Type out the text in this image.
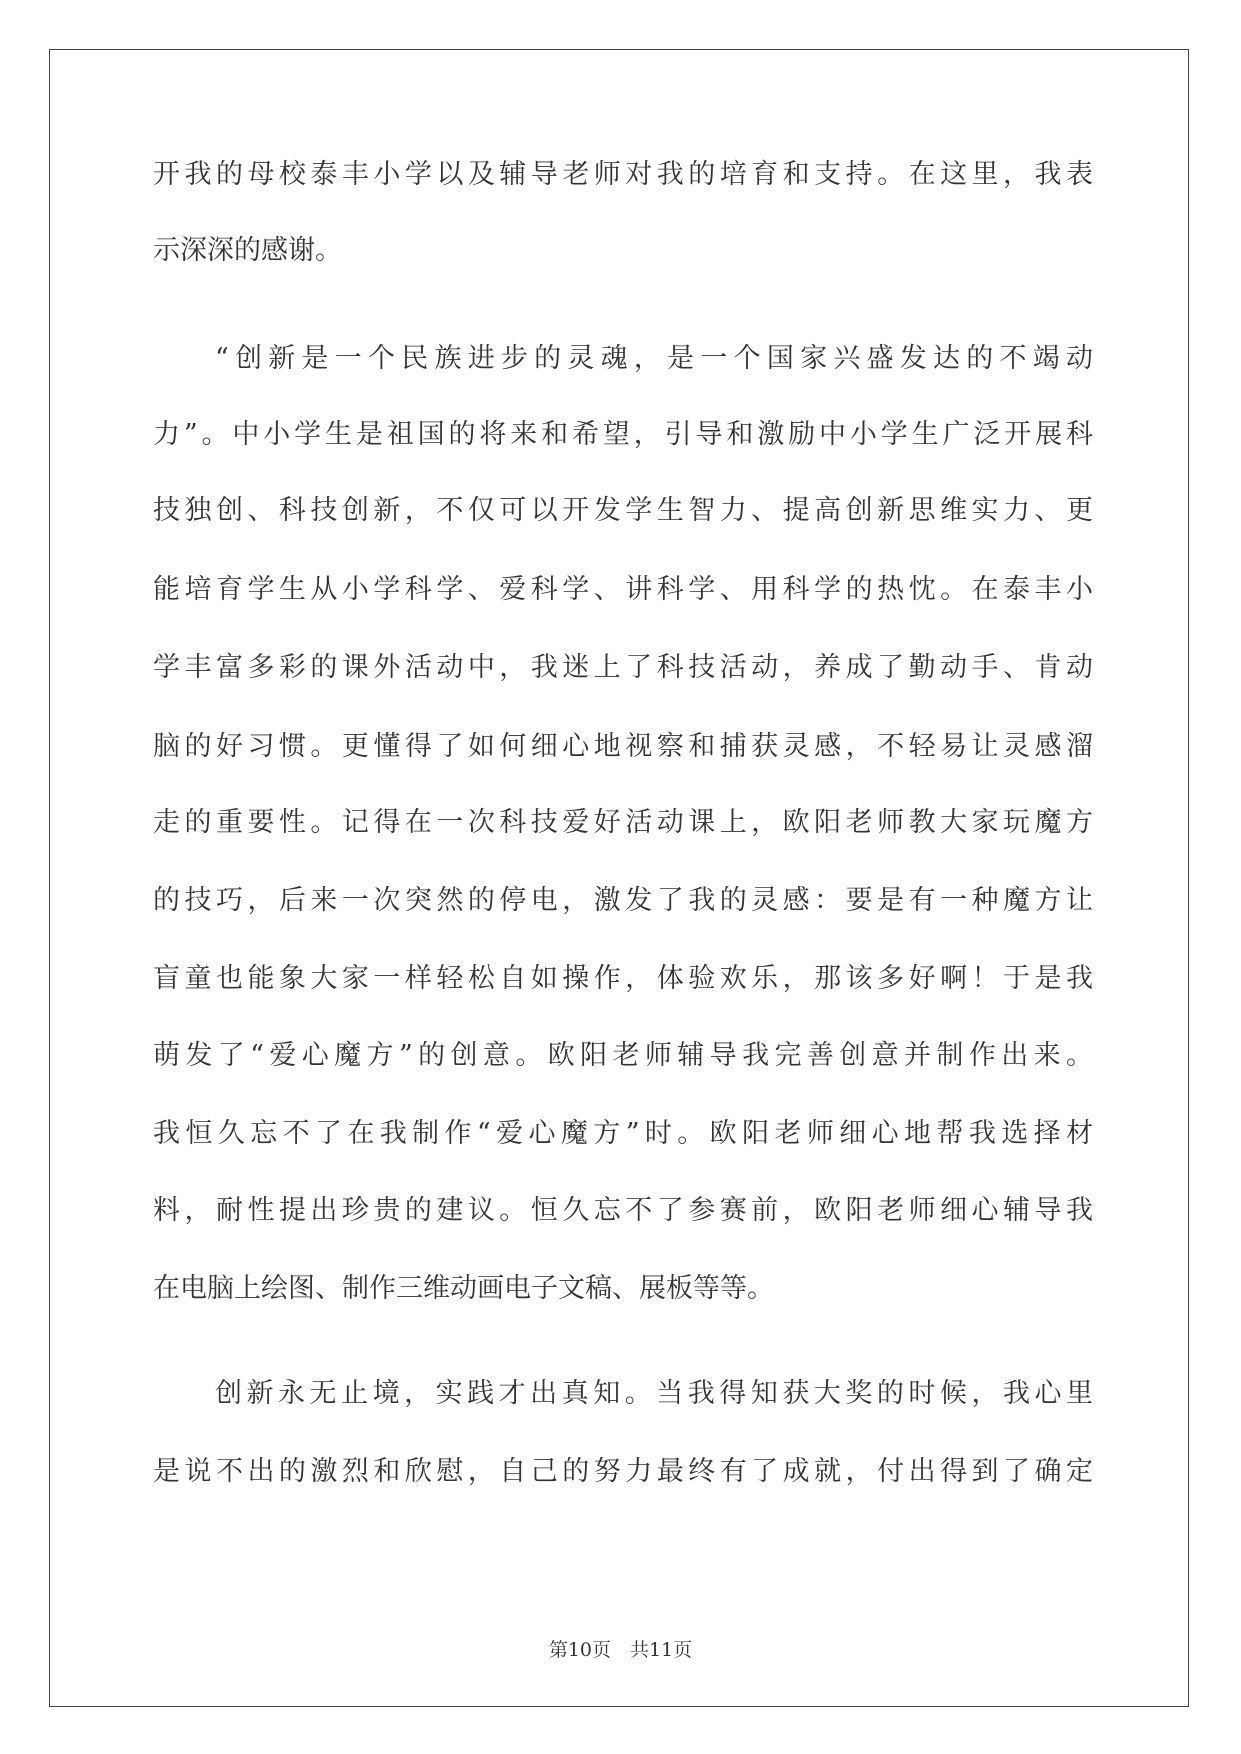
开我的母校泰丰小学以及辅导老师对我的培育和支持。在这里，我表
示深深的感谢。
“创新是一个民族进步的灵魂，是一个国家兴盛发达的不竭动
力”。中小学生是祖国的将来和希望，引导和激励中小学生广泛开展科
技独创、科技创新，不仅可以开发学生智力、提高创新思维实力、更
能培育学生从小学科学、爱科学、讲科学、用科学的热忱。在泰丰小
学丰富多彩的课外活动中，我迷上了科技活动，养成了勤动手、肯动
脑的好习惯。更懂得了如何细心地视察和捕获灵感，不轻易让灵感溜
走的重要性。记得在一次科技爱好活动课上，欧阳老师教大家玩魔方
的技巧，后来一次突然的停电，激发了我的灵感：要是有一种魔方让
盲童也能象大家一样轻松自如操作，体验欢乐，那该多好啊！于是我
萌发了“爱心魔方”的创意。欧阳老师辅导我完善创意并制作出来。
我恒久忘不了在我制作“爱心魔方”时。欧阳老师细心地帮我选择材
料，耐性提出珍贵的建议。恒久忘不了参赛前，欧阳老师细心辅导我
在电脑上绘图、制作三维动画电子文稿、展板等等。
创新永无止境，实践才出真知。当我得知获大奖的时候，我心里
是说不出的激烈和欣慰，自己的努力最终有了成就，付出得到了确定
第10页　共11页
